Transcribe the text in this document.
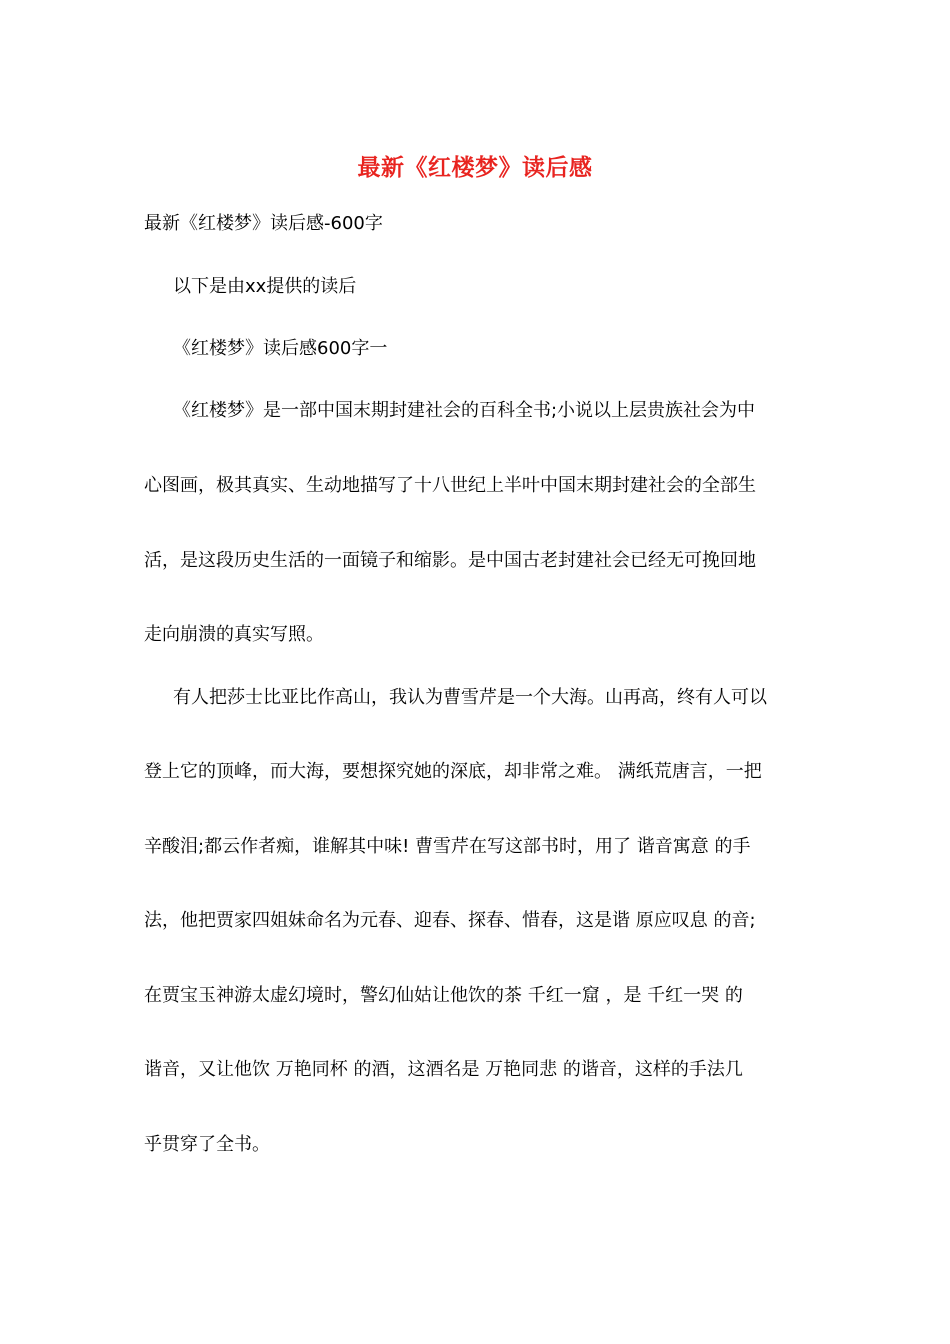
最新《红楼梦》读后感
最新《红楼梦》读后感-600字
以下是由xx提供的读后
《红楼梦》读后感600字一
《红楼梦》是一部中国末期封建社会的百科全书;小说以上层贵族社会为中
心图画，极其真实、生动地描写了十八世纪上半叶中国末期封建社会的全部生
活，是这段历史生活的一面镜子和缩影。是中国古老封建社会已经无可挽回地
走向崩溃的真实写照。
有人把莎士比亚比作高山，我认为曹雪芹是一个大海。山再高，终有人可以
登上它的顶峰，而大海，要想探究她的深底，却非常之难。 满纸荒唐言，一把
辛酸泪;都云作者痴，谁解其中味! 曹雪芹在写这部书时，用了 谐音寓意 的手
法，他把贾家四姐妹命名为元春、迎春、探春、惜春，这是谐 原应叹息 的音;
在贾宝玉神游太虚幻境时，警幻仙姑让他饮的茶 千红一窟 ，是 千红一哭 的
谐音，又让他饮 万艳同杯 的酒，这酒名是 万艳同悲 的谐音，这样的手法几
乎贯穿了全书。
